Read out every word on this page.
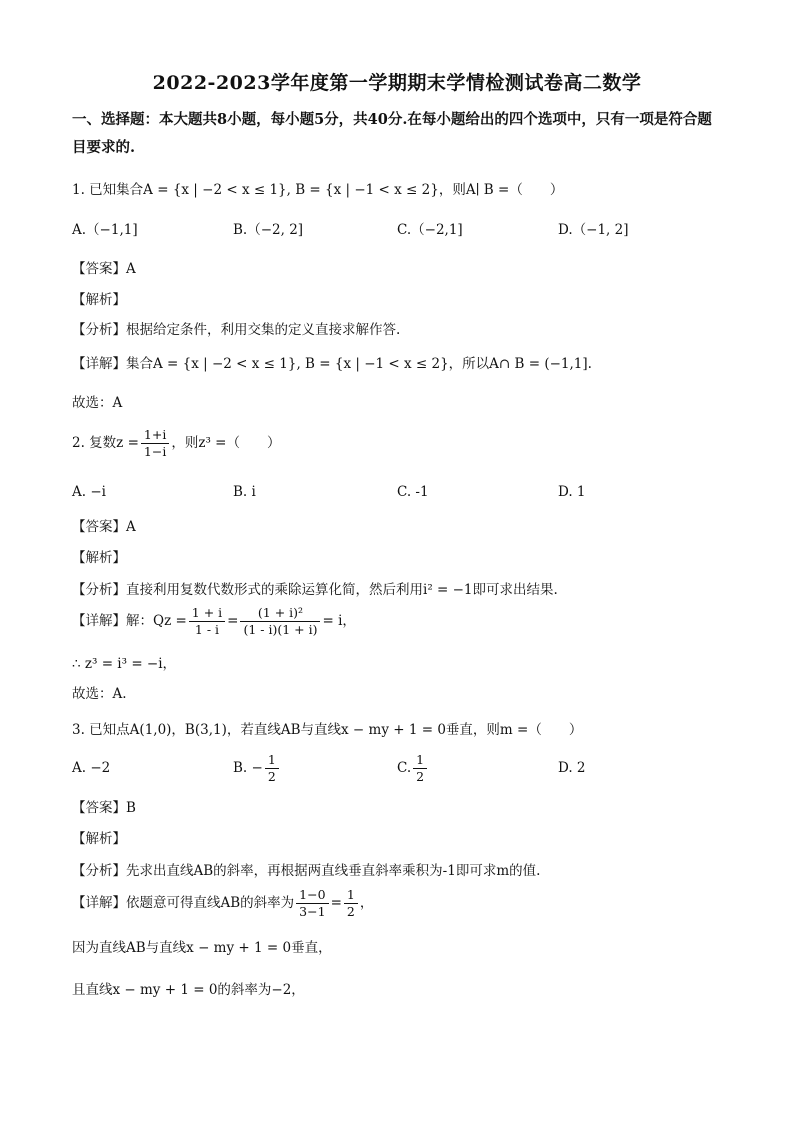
2022-2023学年度第一学期期末学情检测试卷高二数学
一、选择题：本大题共8小题，每小题5分，共40分.在每小题给出的四个选项中，只有一项是符合题目要求的.
1. 已知集合A = {x | −2 < x ≤ 1}, B = {x | −1 < x ≤ 2}，则A∣ B =（　　）
A.（−1,1]	B.（−2, 2]	C.（−2,1]	D.（−1, 2]
【答案】A
【解析】
【分析】根据给定条件，利用交集的定义直接求解作答.
【详解】集合A = {x | −2 < x ≤ 1}, B = {x | −1 < x ≤ 2}，所以A∩ B = (−1,1].
故选：A
2. 复数$z = \frac{1+i}{1-i}$ ，则z³ =（　　）
A. −i	B. i	C. -1	D. 1
【答案】A
【解析】
【分析】直接利用复数代数形式的乘除运算化简，然后利用i² = −1即可求出结果.
【详解】解：$Qz = \frac{1 + i}{1 - i} = \frac{\text{(1 + i)²}}{(1 - i)(1 + i)} = i$，
∴ z³ = i³ = −i，
故选：A.
3. 已知点A(1,0)，B(3,1)，若直线AB与直线x − my + 1 = 0垂直，则m =（　　）
A. −2	B. − $\frac{1}{2}$	C. $\frac{1}{2}$	D. 2
【答案】B
【解析】
【分析】先求出直线AB的斜率，再根据两直线垂直斜率乘积为-1即可求m的值.
【详解】依题意可得直线AB的斜率为 $\frac{1-0}{3-1} = \frac{1}{2}$ ，
因为直线AB与直线x − my + 1 = 0垂直，
且直线x − my + 1 = 0的斜率为−2，
